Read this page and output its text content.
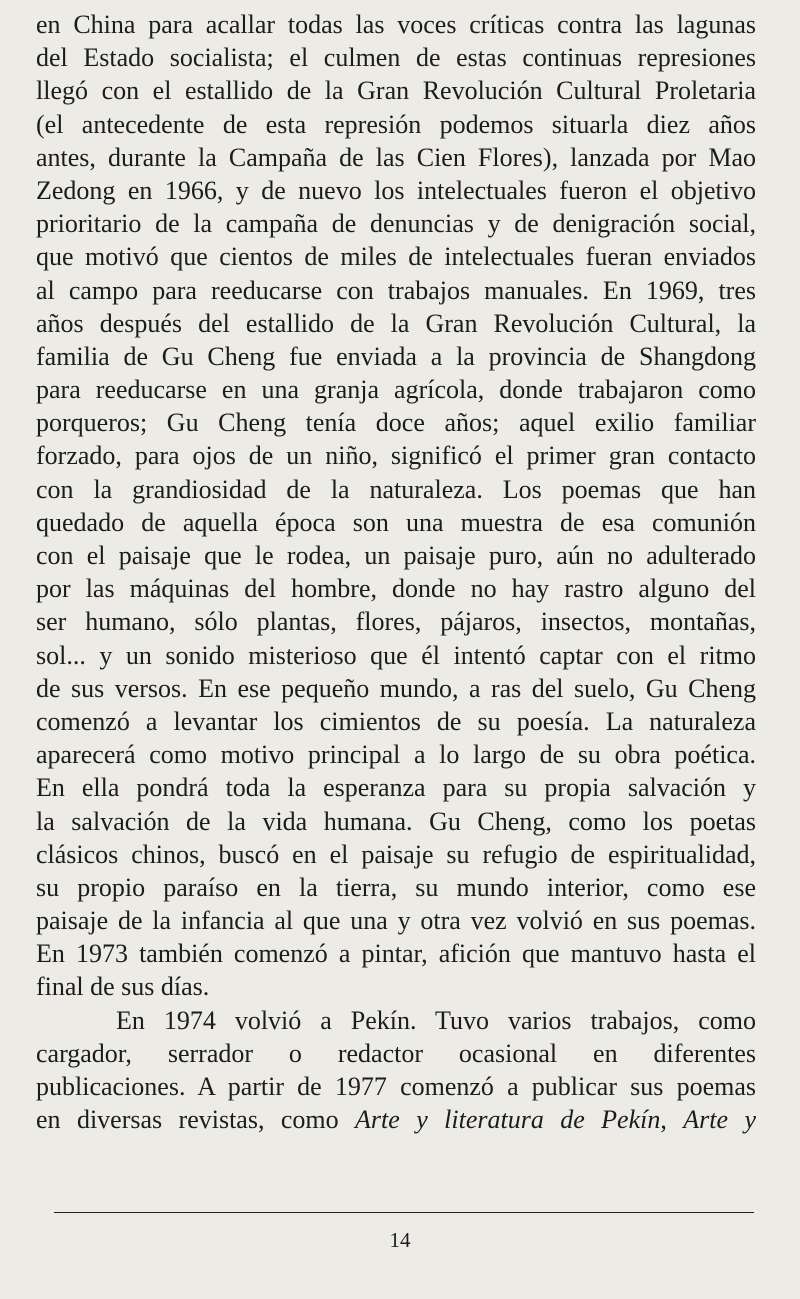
en China para acallar todas las voces críticas contra las lagunas
del Estado socialista; el culmen de estas continuas represiones
llegó con el estallido de la Gran Revolución Cultural Proletaria
(el antecedente de esta represión podemos situarla diez años
antes, durante la Campaña de las Cien Flores), lanzada por Mao
Zedong en 1966, y de nuevo los intelectuales fueron el objetivo
prioritario de la campaña de denuncias y de denigración social,
que motivó que cientos de miles de intelectuales fueran enviados
al campo para reeducarse con trabajos manuales. En 1969, tres
años después del estallido de la Gran Revolución Cultural, la
familia de Gu Cheng fue enviada a la provincia de Shangdong
para reeducarse en una granja agrícola, donde trabajaron como
porqueros; Gu Cheng tenía doce años; aquel exilio familiar
forzado, para ojos de un niño, significó el primer gran contacto
con la grandiosidad de la naturaleza. Los poemas que han
quedado de aquella época son una muestra de esa comunión
con el paisaje que le rodea, un paisaje puro, aún no adulterado
por las máquinas del hombre, donde no hay rastro alguno del
ser humano, sólo plantas, flores, pájaros, insectos, montañas,
sol... y un sonido misterioso que él intentó captar con el ritmo
de sus versos. En ese pequeño mundo, a ras del suelo, Gu Cheng
comenzó a levantar los cimientos de su poesía. La naturaleza
aparecerá como motivo principal a lo largo de su obra poética.
En ella pondrá toda la esperanza para su propia salvación y
la salvación de la vida humana. Gu Cheng, como los poetas
clásicos chinos, buscó en el paisaje su refugio de espiritualidad,
su propio paraíso en la tierra, su mundo interior, como ese
paisaje de la infancia al que una y otra vez volvió en sus poemas.
En 1973 también comenzó a pintar, afición que mantuvo hasta el
final de sus días.
En 1974 volvió a Pekín. Tuvo varios trabajos, como
cargador, serrador o redactor ocasional en diferentes
publicaciones. A partir de 1977 comenzó a publicar sus poemas
en diversas revistas, como Arte y literatura de Pekín, Arte y
14
